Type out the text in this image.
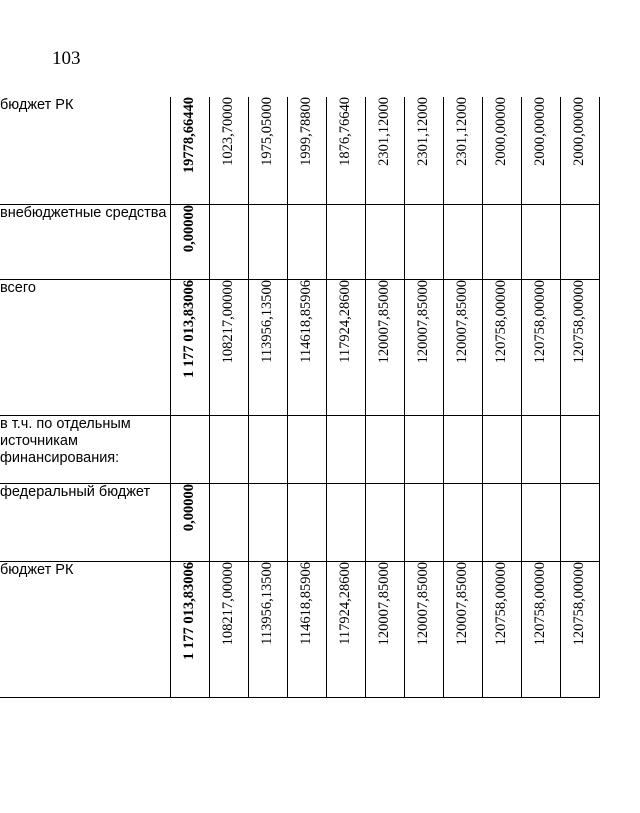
103
бюджет РК	19778,66440	1023,70000	1975,05000	1999,78800	1876,76640	2301,12000	2301,12000	2301,12000	2000,00000	2000,00000	2000,00000

внебюджетные средства	0,00000										

всего	1 177 013,83006	108217,00000	113956,13500	114618,85906	117924,28600	120007,85000	120007,85000	120007,85000	120758,00000	120758,00000	120758,00000

в т.ч. по отдельным источникам финансирования:	

федеральный бюджет	0,00000										

бюджет РК	1 177 013,83006	108217,00000	113956,13500	114618,85906	117924,28600	120007,85000	120007,85000	120007,85000	120758,00000	120758,00000	120758,00000
